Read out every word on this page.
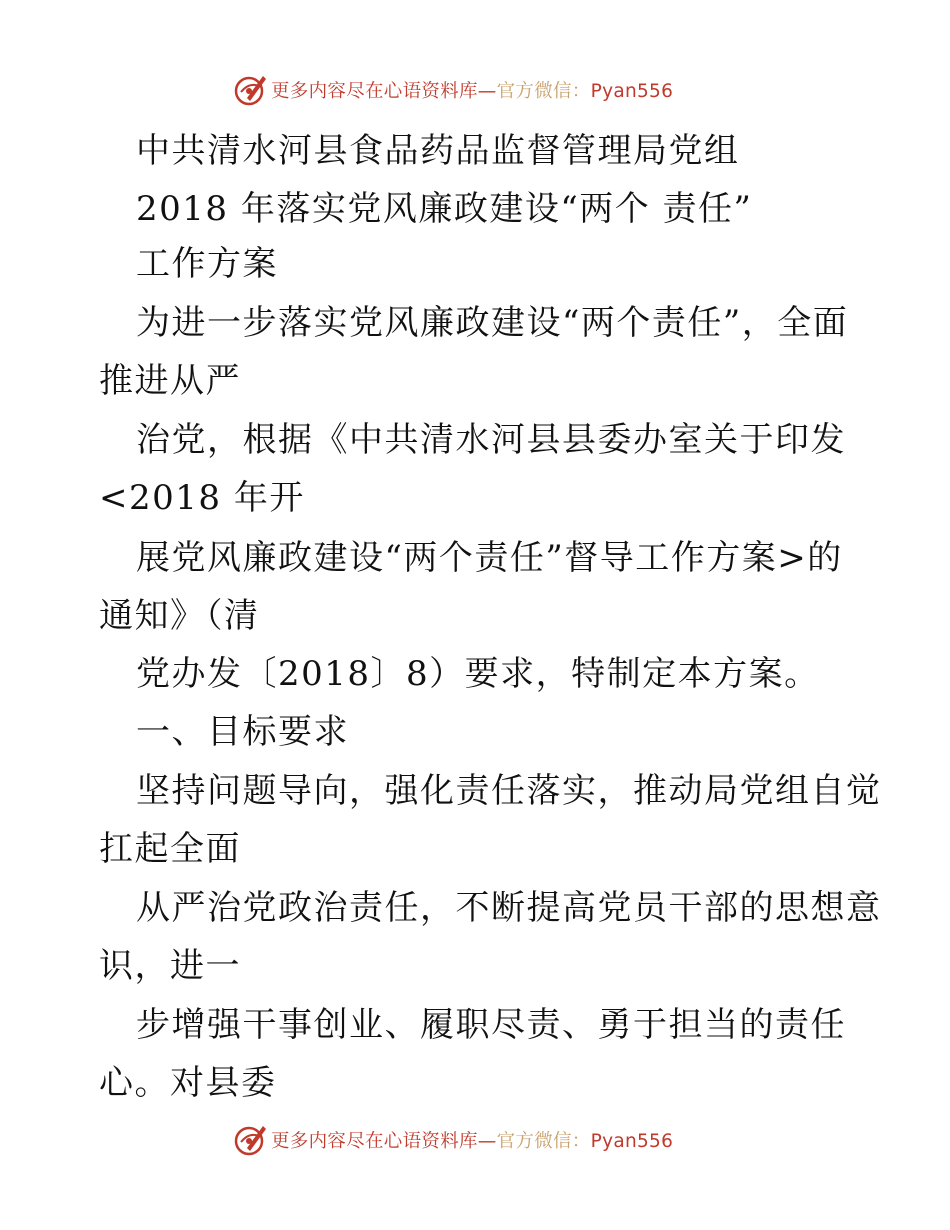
更多内容尽在心语资料库—官方微信：Pyan556
中共清水河县食品药品监督管理局党组
2018 年落实党风廉政建设“两个 责任”
工作方案
为进一步落实党风廉政建设“两个责任”，全面
推进从严
治党，根据《中共清水河县县委办室关于印发
<2018 年开
展党风廉政建设“两个责任”督导工作方案>的
通知》（清
党办发〔2018〕8）要求，特制定本方案。
一、目标要求
坚持问题导向，强化责任落实，推动局党组自觉
扛起全面
从严治党政治责任，不断提高党员干部的思想意
识，进一
步增强干事创业、履职尽责、勇于担当的责任
心。对县委
更多内容尽在心语资料库—官方微信：Pyan556
